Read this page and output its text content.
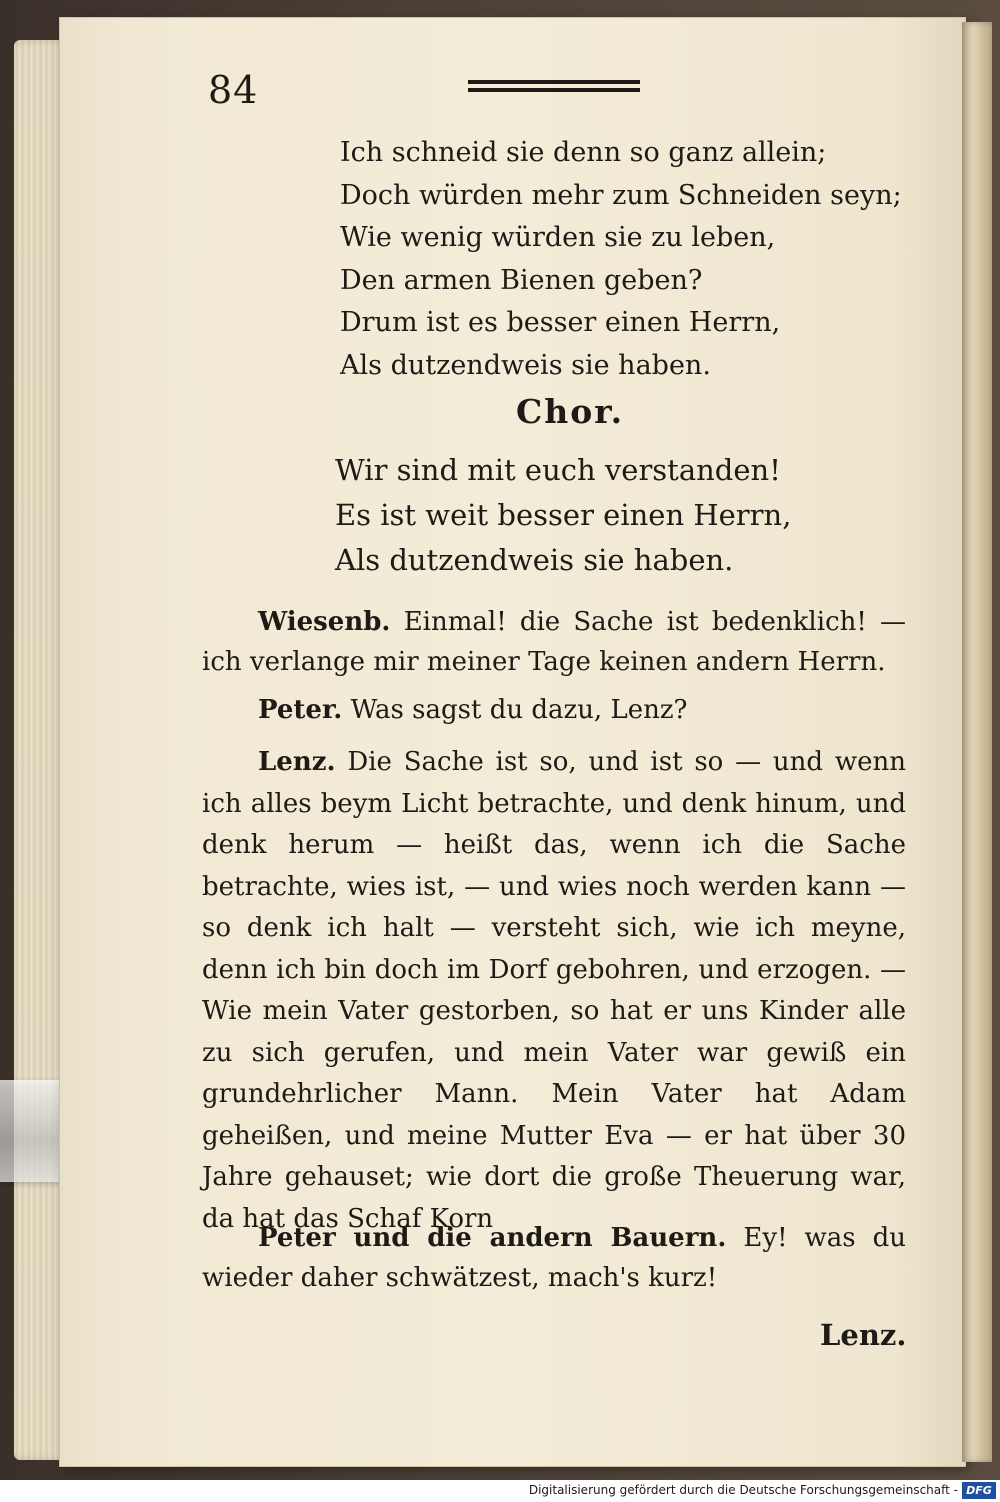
84
Ich schneid sie denn so ganz allein;
Doch würden mehr zum Schneiden seyn;
Wie wenig würden sie zu leben,
Den armen Bienen geben?
Drum ist es besser einen Herrn,
Als dutzendweis sie haben.
Chor.
Wir sind mit euch verstanden!
Es ist weit besser einen Herrn,
Als dutzendweis sie haben.
Wiesenb. Einmal! die Sache ist bedenklich! — ich verlange mir meiner Tage keinen andern Herrn.
Peter. Was sagst du dazu, Lenz?
Lenz. Die Sache ist so, und ist so — und wenn ich alles beym Licht betrachte, und denk hinum, und denk herum — heißt das, wenn ich die Sache betrachte, wies ist, — und wies noch werden kann — so denk ich halt — versteht sich, wie ich meyne, denn ich bin doch im Dorf gebohren, und erzogen. — Wie mein Vater gestorben, so hat er uns Kinder alle zu sich gerufen, und mein Vater war gewiß ein grundehrlicher Mann. Mein Vater hat Adam geheißen, und meine Mutter Eva — er hat über 30 Jahre gehauset; wie dort die große Theuerung war, da hat das Schaf Korn
Peter und die andern Bauern. Ey! was du wieder daher schwätzest, mach's kurz!
Lenz.
Digitalisierung gefördert durch die Deutsche Forschungsgemeinschaft - DFG
